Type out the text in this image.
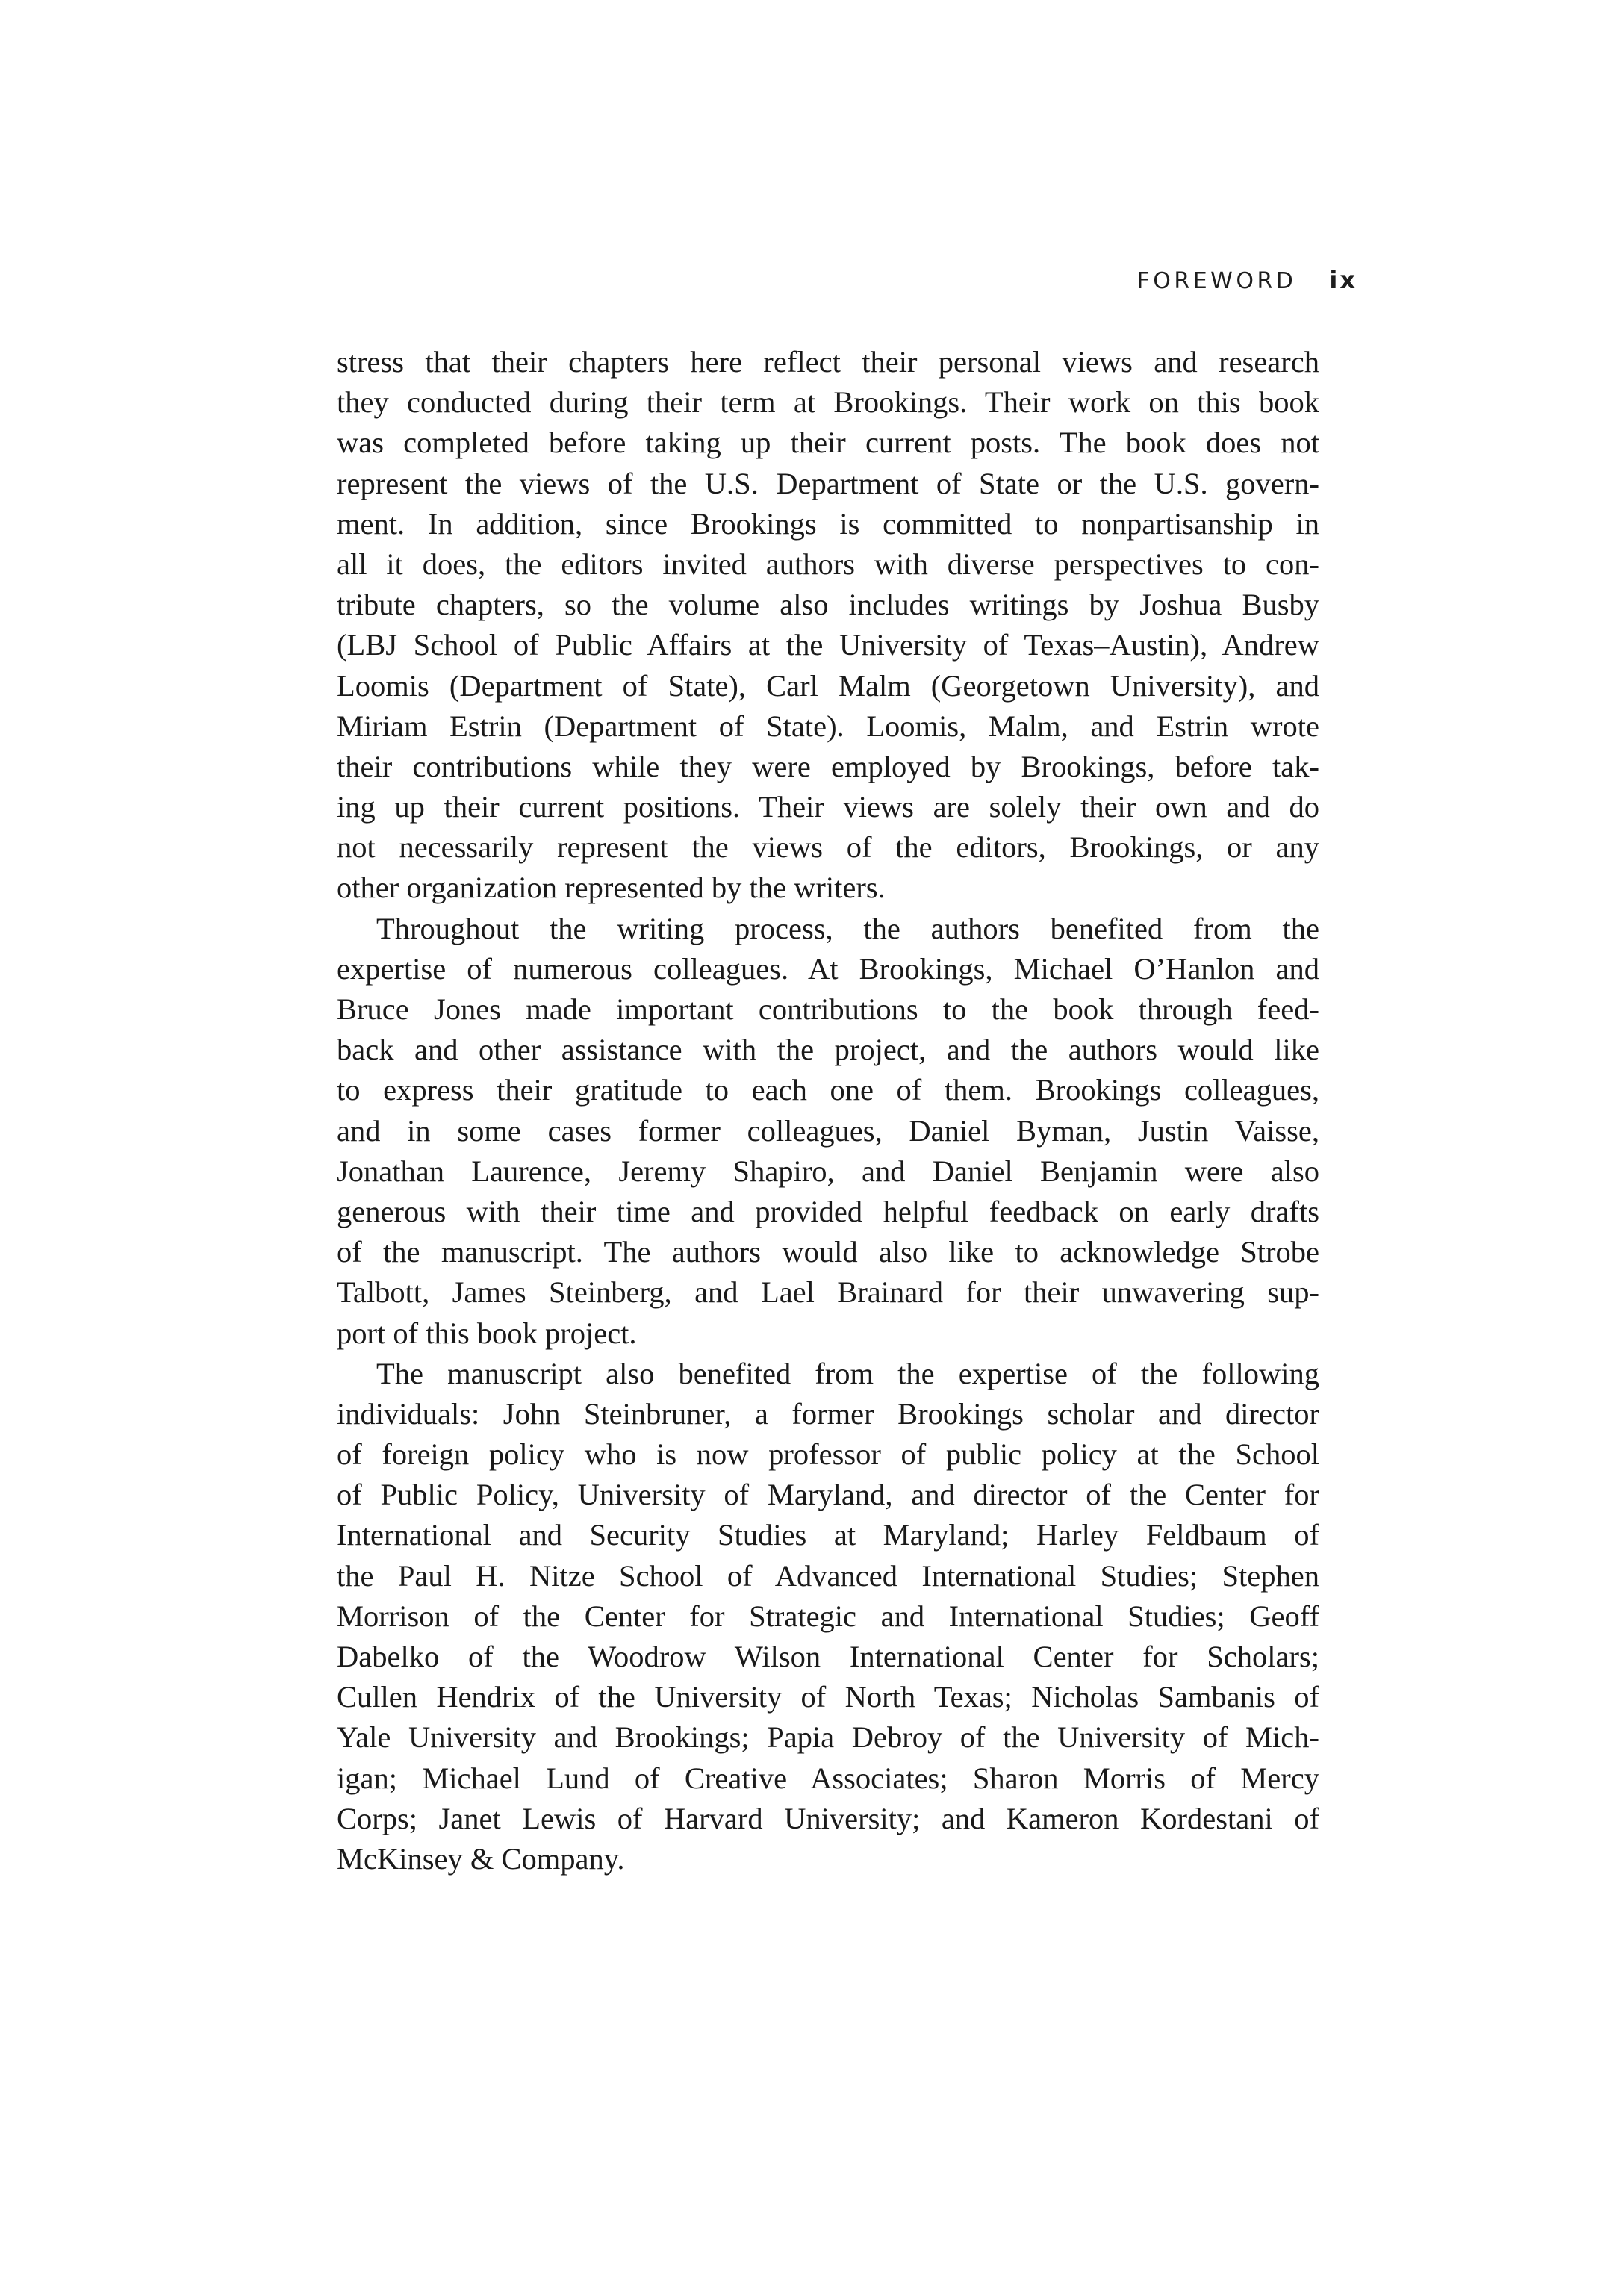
FOREWORD ix
stress that their chapters here reflect their personal views and research
they conducted during their term at Brookings. Their work on this book
was completed before taking up their current posts. The book does not
represent the views of the U.S. Department of State or the U.S. govern-
ment. In addition, since Brookings is committed to nonpartisanship in
all it does, the editors invited authors with diverse perspectives to con-
tribute chapters, so the volume also includes writings by Joshua Busby
(LBJ School of Public Affairs at the University of Texas–Austin), Andrew
Loomis (Department of State), Carl Malm (Georgetown University), and
Miriam Estrin (Department of State). Loomis, Malm, and Estrin wrote
their contributions while they were employed by Brookings, before tak-
ing up their current positions. Their views are solely their own and do
not necessarily represent the views of the editors, Brookings, or any
other organization represented by the writers.
Throughout the writing process, the authors benefited from the
expertise of numerous colleagues. At Brookings, Michael O’Hanlon and
Bruce Jones made important contributions to the book through feed-
back and other assistance with the project, and the authors would like
to express their gratitude to each one of them. Brookings colleagues,
and in some cases former colleagues, Daniel Byman, Justin Vaisse,
Jonathan Laurence, Jeremy Shapiro, and Daniel Benjamin were also
generous with their time and provided helpful feedback on early drafts
of the manuscript. The authors would also like to acknowledge Strobe
Talbott, James Steinberg, and Lael Brainard for their unwavering sup-
port of this book project.
The manuscript also benefited from the expertise of the following
individuals: John Steinbruner, a former Brookings scholar and director
of foreign policy who is now professor of public policy at the School
of Public Policy, University of Maryland, and director of the Center for
International and Security Studies at Maryland; Harley Feldbaum of
the Paul H. Nitze School of Advanced International Studies; Stephen
Morrison of the Center for Strategic and International Studies; Geoff
Dabelko of the Woodrow Wilson International Center for Scholars;
Cullen Hendrix of the University of North Texas; Nicholas Sambanis of
Yale University and Brookings; Papia Debroy of the University of Mich-
igan; Michael Lund of Creative Associates; Sharon Morris of Mercy
Corps; Janet Lewis of Harvard University; and Kameron Kordestani of
McKinsey & Company.
